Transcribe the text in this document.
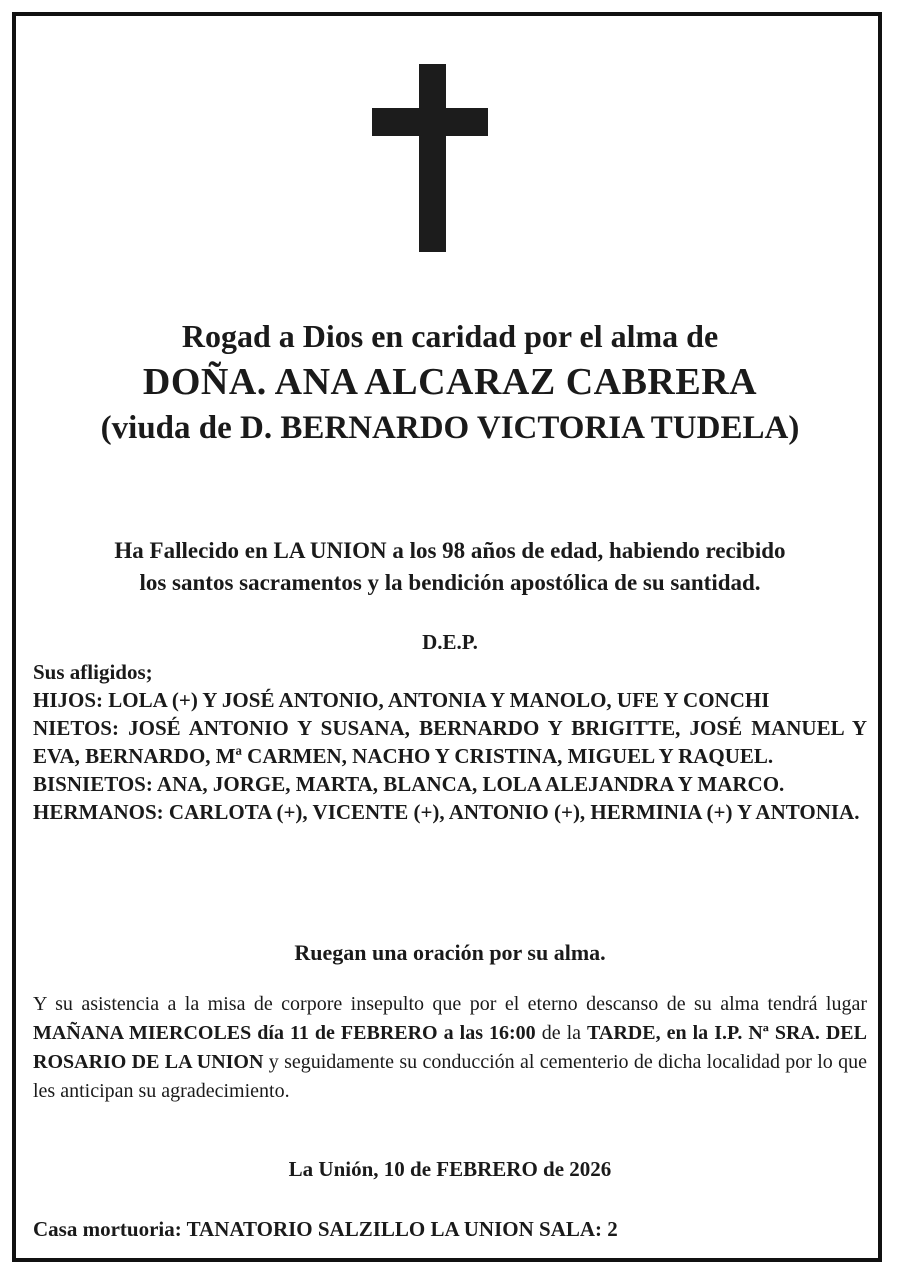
Rogad a Dios en caridad por el alma de
DOÑA. ANA ALCARAZ CABRERA
(viuda de D. BERNARDO VICTORIA TUDELA)
Ha Fallecido en LA UNION a los 98 años de edad, habiendo recibido
los santos sacramentos y la bendición apostólica de su santidad.
D.E.P.

Sus afligidos;

HIJOS: LOLA (+) Y JOSÉ ANTONIO, ANTONIA Y MANOLO, UFE Y CONCHI

NIETOS: JOSÉ ANTONIO Y SUSANA, BERNARDO Y BRIGITTE, JOSÉ MANUEL Y EVA, BERNARDO, Mª CARMEN, NACHO Y CRISTINA, MIGUEL Y RAQUEL.

BISNIETOS: ANA, JORGE, MARTA, BLANCA, LOLA ALEJANDRA Y MARCO.

HERMANOS: CARLOTA (+), VICENTE (+), ANTONIO (+), HERMINIA (+) Y ANTONIA.

Ruegan una oración por su alma.

Y su asistencia a la misa de corpore insepulto que por el eterno descanso de su alma tendrá lugar MAÑANA MIERCOLES día 11 de FEBRERO a las 16:00 de la TARDE, en la I.P. Nª SRA. DEL ROSARIO DE LA UNION y seguidamente su conducción al cementerio de dicha localidad por lo que les anticipan su agradecimiento.

La Unión, 10 de FEBRERO de 2026
Casa mortuoria: TANATORIO SALZILLO LA UNION SALA: 2
